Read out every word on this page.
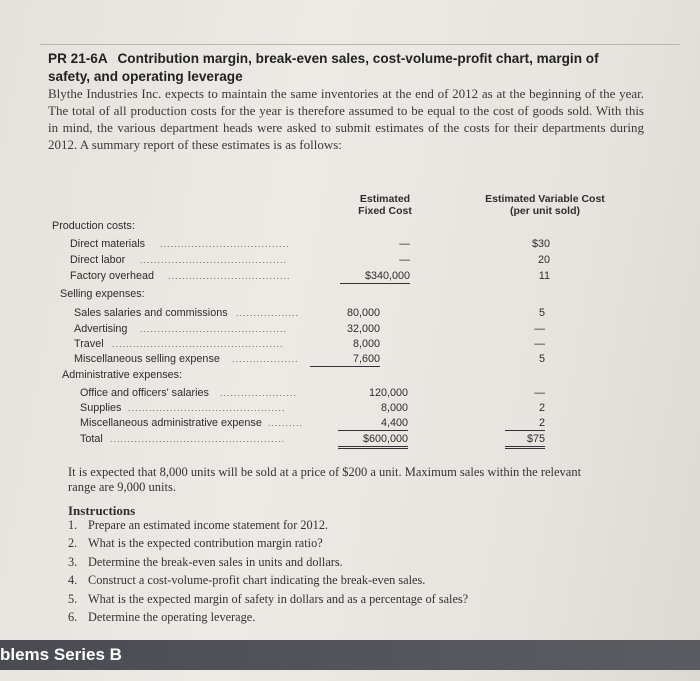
PR 21-6A Contribution margin, break-even sales, cost-volume-profit chart, margin of
safety, and operating leverage
Blythe Industries Inc. expects to maintain the same inventories at the end of 2012 as at the beginning of the year. The total of all production costs for the year is therefore assumed to be equal to the cost of goods sold. With this in mind, the various department heads were asked to submit estimates of the costs for their departments during 2012. A summary report of these estimates is as follows:
Estimated
Fixed Cost
Estimated Variable Cost
(per unit sold)
Production costs:
Direct materials .....................................	—	$30
Direct labor ..........................................	—	20
Factory overhead ...................................	$340,000	11
Selling expenses:
Sales salaries and commissions ..................	80,000	5
Advertising ..........................................	32,000	—
Travel .................................................	8,000	—
Miscellaneous selling expense ...................	7,600	5
Administrative expenses:
Office and officers' salaries ......................	120,000	—
Supplies .............................................	8,000	2
Miscellaneous administrative expense ..........	4,400	2
Total ..................................................	$600,000	$75
It is expected that 8,000 units will be sold at a price of $200 a unit. Maximum sales within the relevant range are 9,000 units.
Instructions
1. Prepare an estimated income statement for 2012.
2. What is the expected contribution margin ratio?
3. Determine the break-even sales in units and dollars.
4. Construct a cost-volume-profit chart indicating the break-even sales.
5. What is the expected margin of safety in dollars and as a percentage of sales?
6. Determine the operating leverage.
blems Series B
